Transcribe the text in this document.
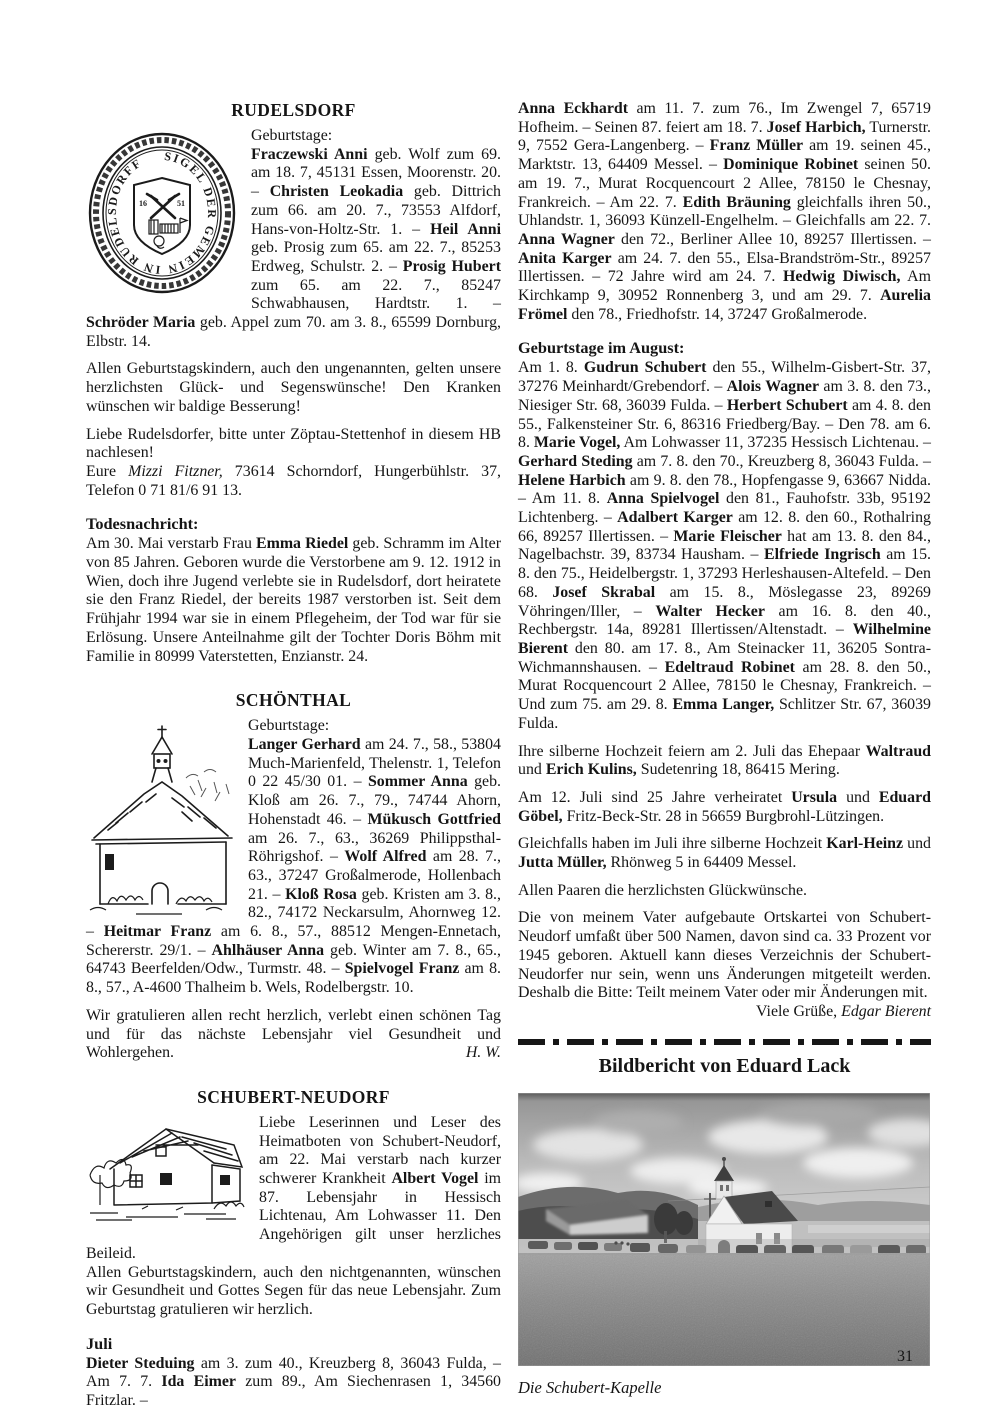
RUDELSDORF

SIGEL DER GEMEIN IN RUDELSDORFF
16	51

Geburtstage:

Fraczewski Anni geb. Wolf zum 69. am 18. 7, 45131 Essen, Moorenstr. 20. – Christen Leokadia geb. Dittrich zum 66. am 20. 7., 73553 Alfdorf, Hans-von-Holtz-Str. 1. – Heil Anni geb. Prosig zum 65. am 22. 7., 85253 Erdweg, Schulstr. 2. – Prosig Hubert zum 65. am 22. 7., 85247 Schwabhausen, Hardtstr. 1. – Schröder Maria geb. Appel zum 70. am 3. 8., 65599 Dornburg, Elbstr. 14.

Allen Geburtstagskindern, auch den ungenannten, gelten unsere herzlichsten Glück- und Segenswünsche! Den Kranken wünschen wir baldige Besserung!

Liebe Rudelsdorfer, bitte unter Zöptau-Stettenhof in diesem HB nachlesen!

Eure Mizzi Fitzner, 73614 Schorndorf, Hungerbühlstr. 37, Telefon 0 71 81/6 91 13.

Todesnachricht:

Am 30. Mai verstarb Frau Emma Riedel geb. Schramm im Alter von 85 Jahren. Geboren wurde die Verstorbene am 9. 12. 1912 in Wien, doch ihre Jugend verlebte sie in Rudelsdorf, dort heiratete sie den Franz Riedel, der bereits 1987 verstorben ist. Seit dem Frühjahr 1994 war sie in einem Pflegeheim, der Tod war für sie Erlösung. Unsere Anteilnahme gilt der Tochter Doris Böhm mit Familie in 80999 Vaterstetten, Enzianstr. 24.

SCHÖNTHAL

Geburtstage:

Langer Gerhard am 24. 7., 58., 53804 Much-Marienfeld, Thelenstr. 1, Telefon 0 22 45/30 01. – Sommer Anna geb. Kloß am 26. 7., 79., 74744 Ahorn, Hohenstadt 46. – Mükusch Gottfried am 26. 7., 63., 36269 Philippsthal-Röhrigshof. – Wolf Alfred am 28. 7., 63., 37247 Großalmerode, Hollenbach 21. – Kloß Rosa geb. Kristen am 3. 8., 82., 74172 Neckarsulm, Ahornweg 12. – Heitmar Franz am 6. 8., 57., 88512 Mengen-Ennetach, Schererstr. 29/1. – Ahlhäuser Anna geb. Winter am 7. 8., 65., 64743 Beerfelden/Odw., Turmstr. 48. – Spielvogel Franz am 8. 8., 57., A-4600 Thalheim b. Wels, Rodelbergstr. 10.

Wir gratulieren allen recht herzlich, verlebt einen schönen Tag und für das nächste Lebensjahr viel Gesundheit und Wohlergehen.	H. W.

SCHUBERT-NEUDORF

Liebe Leserinnen und Leser des Heimatboten von Schubert-Neudorf, am 22. Mai verstarb nach kurzer schwerer Krankheit Albert Vogel im 87. Lebensjahr in Hessisch Lichtenau, Am Lohwasser 11. Den Angehörigen gilt unser herzliches Beileid.

Allen Geburtstagskindern, auch den nichtgenannten, wünschen wir Gesundheit und Gottes Segen für das neue Lebensjahr. Zum Geburtstag gratulieren wir herzlich.

Juli

Dieter Steduing am 3. zum 40., Kreuzberg 8, 36043 Fulda, – Am 7. 7. Ida Eimer zum 89., Am Siechenrasen 1, 34560 Fritzlar. –

Anna Eckhardt am 11. 7. zum 76., Im Zwengel 7, 65719 Hofheim. – Seinen 87. feiert am 18. 7. Josef Harbich, Turnerstr. 9, 7552 Gera-Langenberg. – Franz Müller am 19. seinen 45., Marktstr. 13, 64409 Messel. – Dominique Robinet seinen 50. am 19. 7., Murat Rocquencourt 2 Allee, 78150 le Chesnay, Frankreich. – Am 22. 7. Edith Bräuning gleichfalls ihren 50., Uhlandstr. 1, 36093 Künzell-Engelhelm. – Gleichfalls am 22. 7. Anna Wagner den 72., Berliner Allee 10, 89257 Illertissen. – Anita Karger am 24. 7. den 55., Elsa-Brandström-Str., 89257 Illertissen. – 72 Jahre wird am 24. 7. Hedwig Diwisch, Am Kirchkamp 9, 30952 Ronnenberg 3, und am 29. 7. Aurelia Frömel den 78., Friedhofstr. 14, 37247 Großalmerode.

Geburtstage im August:

Am 1. 8. Gudrun Schubert den 55., Wilhelm-Gisbert-Str. 37, 37276 Meinhardt/Grebendorf. – Alois Wagner am 3. 8. den 73., Niesiger Str. 68, 36039 Fulda. – Herbert Schubert am 4. 8. den 55., Falkensteiner Str. 6, 86316 Friedberg/Bay. – Den 78. am 6. 8. Marie Vogel, Am Lohwasser 11, 37235 Hessisch Lichtenau. – Gerhard Steding am 7. 8. den 70., Kreuzberg 8, 36043 Fulda. – Helene Harbich am 9. 8. den 78., Hopfengasse 9, 63667 Nidda. – Am 11. 8. Anna Spielvogel den 81., Fauhofstr. 33b, 95192 Lichtenberg. – Adalbert Karger am 12. 8. den 60., Rothalring 66, 89257 Illertissen. – Marie Fleischer hat am 13. 8. den 84., Nagelbachstr. 39, 83734 Hausham. – Elfriede Ingrisch am 15. 8. den 75., Heidelbergstr. 1, 37293 Herleshausen-Altefeld. – Den 68. Josef Skrabal am 15. 8., Möslegasse 23, 89269 Vöhringen/Iller, – Walter Hecker am 16. 8. den 40., Rechbergstr. 14a, 89281 Illertissen/Altenstadt. – Wilhelmine Bierent den 80. am 17. 8., Am Steinacker 11, 36205 Sontra-Wichmannshausen. – Edeltraud Robinet am 28. 8. den 50., Murat Rocquencourt 2 Allee, 78150 le Chesnay, Frankreich. – Und zum 75. am 29. 8. Emma Langer, Schlitzer Str. 67, 36039 Fulda.

Ihre silberne Hochzeit feiern am 2. Juli das Ehepaar Waltraud und Erich Kulins, Sudetenring 18, 86415 Mering.

Am 12. Juli sind 25 Jahre verheiratet Ursula und Eduard Göbel, Fritz-Beck-Str. 28 in 56659 Burgbrohl-Lützingen.

Gleichfalls haben im Juli ihre silberne Hochzeit Karl-Heinz und Jutta Müller, Rhönweg 5 in 64409 Messel.

Allen Paaren die herzlichsten Glückwünsche.

Die von meinem Vater aufgebaute Ortskartei von Schubert-Neudorf umfaßt über 500 Namen, davon sind ca. 33 Prozent vor 1945 geboren. Aktuell kann dieses Verzeichnis der Schubert-Neudorfer nur sein, wenn uns Änderungen mitgeteilt werden. Deshalb die Bitte: Teilt meinem Vater oder mir Änderungen mit.

Viele Grüße, Edgar Bierent

Bildbericht von Eduard Lack

Die Schubert-Kapelle

31
